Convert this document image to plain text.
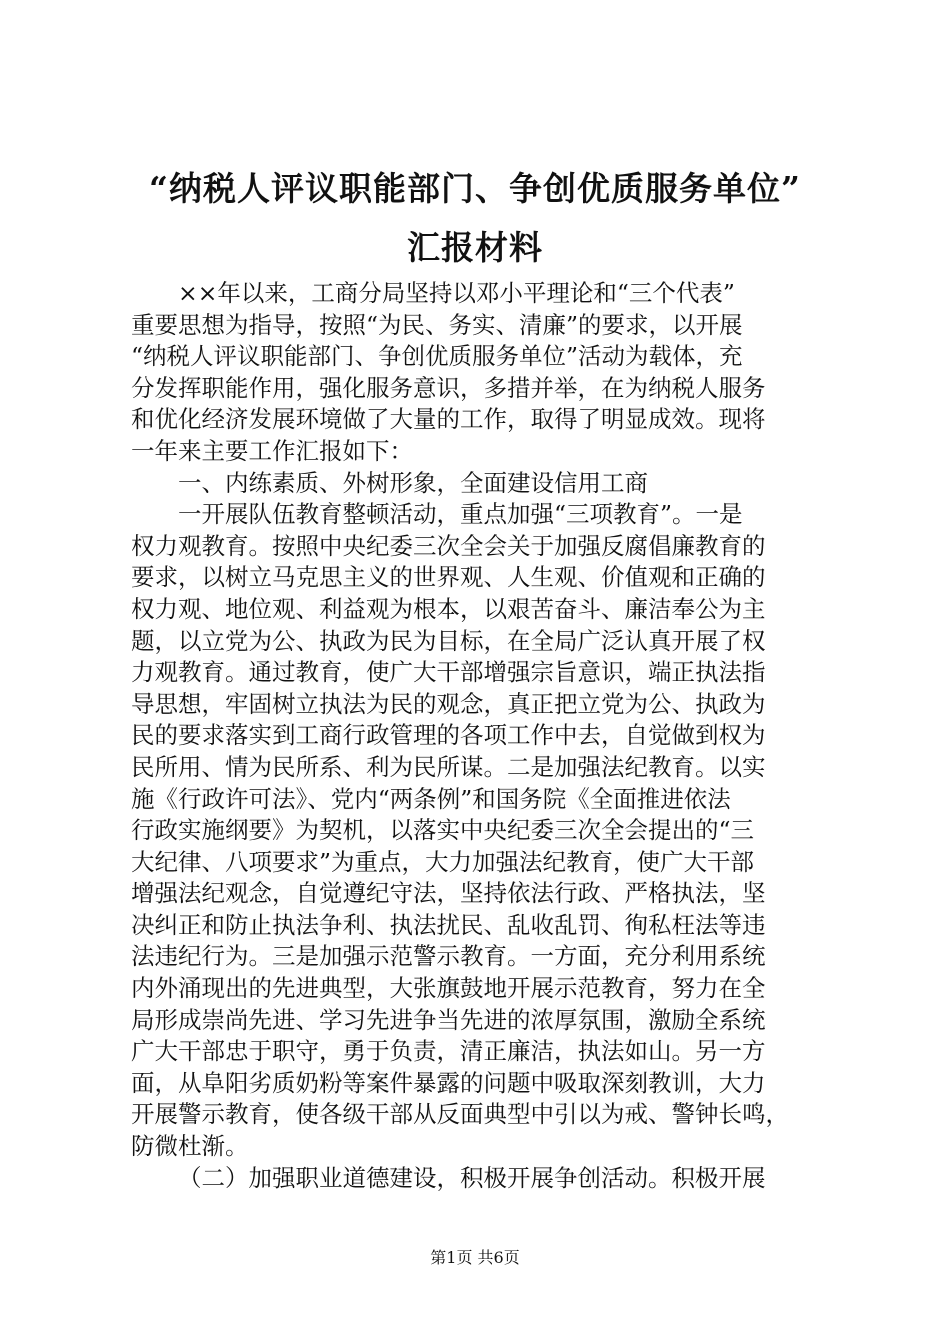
“纳税人评议职能部门、争创优质服务单位”
汇报材料
××年以来，工商分局坚持以邓小平理论和“三个代表”
重要思想为指导，按照“为民、务实、清廉”的要求，以开展
“纳税人评议职能部门、争创优质服务单位”活动为载体，充
分发挥职能作用，强化服务意识，多措并举，在为纳税人服务
和优化经济发展环境做了大量的工作，取得了明显成效。现将
一年来主要工作汇报如下：
一、内练素质、外树形象，全面建设信用工商
一开展队伍教育整顿活动，重点加强“三项教育”。一是
权力观教育。按照中央纪委三次全会关于加强反腐倡廉教育的
要求，以树立马克思主义的世界观、人生观、价值观和正确的
权力观、地位观、利益观为根本，以艰苦奋斗、廉洁奉公为主
题，以立党为公、执政为民为目标，在全局广泛认真开展了权
力观教育。通过教育，使广大干部增强宗旨意识，端正执法指
导思想，牢固树立执法为民的观念，真正把立党为公、执政为
民的要求落实到工商行政管理的各项工作中去，自觉做到权为
民所用、情为民所系、利为民所谋。二是加强法纪教育。以实
施《行政许可法》、党内“两条例”和国务院《全面推进依法
行政实施纲要》为契机，以落实中央纪委三次全会提出的“三
大纪律、八项要求”为重点，大力加强法纪教育，使广大干部
增强法纪观念，自觉遵纪守法，坚持依法行政、严格执法，坚
决纠正和防止执法争利、执法扰民、乱收乱罚、徇私枉法等违
法违纪行为。三是加强示范警示教育。一方面，充分利用系统
内外涌现出的先进典型，大张旗鼓地开展示范教育，努力在全
局形成崇尚先进、学习先进争当先进的浓厚氛围，激励全系统
广大干部忠于职守，勇于负责，清正廉洁，执法如山。另一方
面，从阜阳劣质奶粉等案件暴露的问题中吸取深刻教训，大力
开展警示教育，使各级干部从反面典型中引以为戒、警钟长鸣，
防微杜渐。
（二）加强职业道德建设，积极开展争创活动。积极开展
第1页 共6页
